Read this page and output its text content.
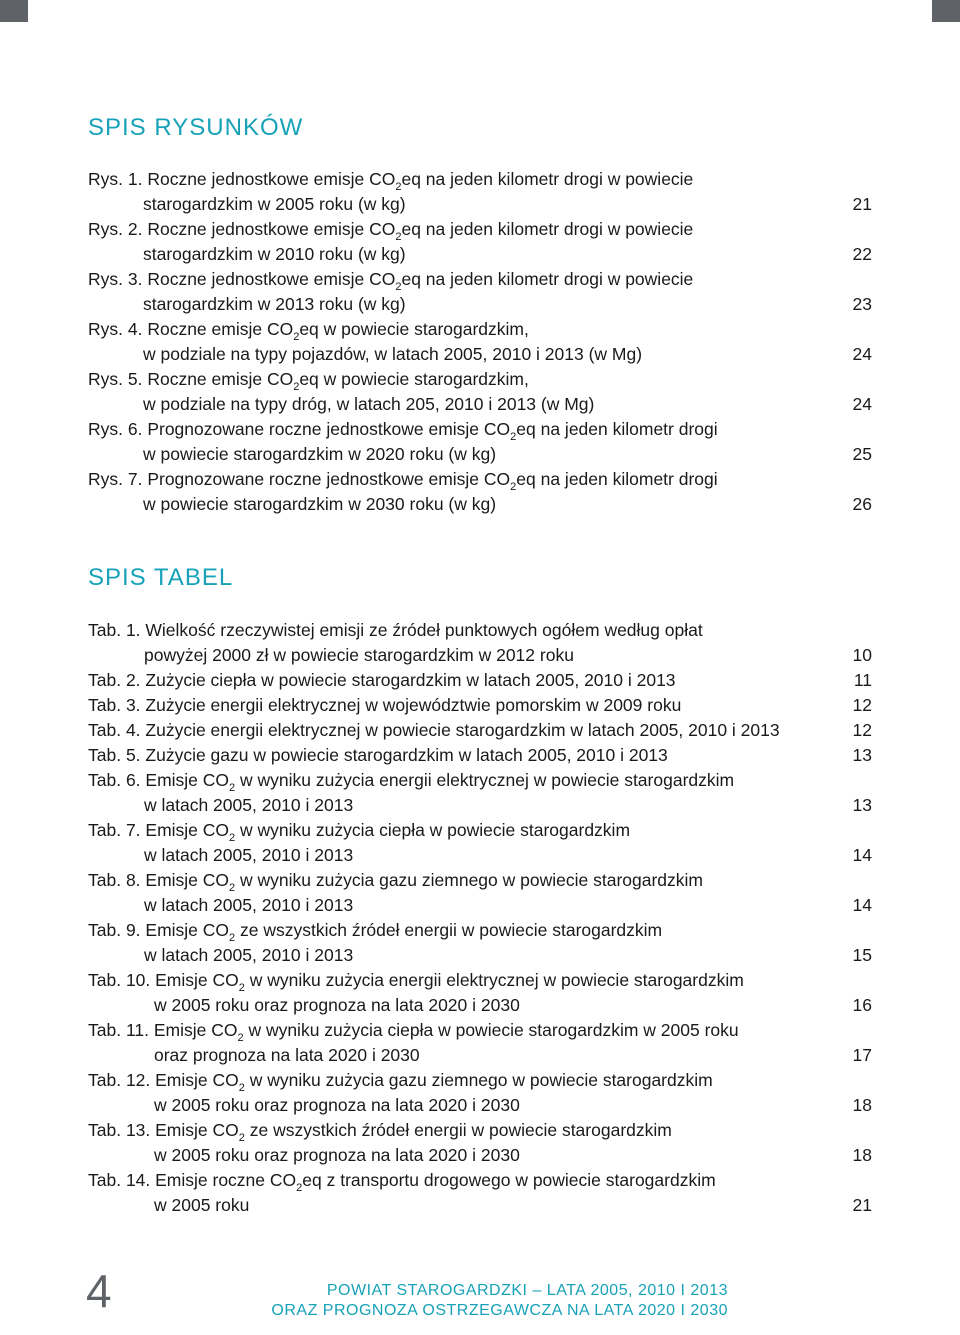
SPIS RYSUNKÓW
Rys. 1. Roczne jednostkowe emisje $CO_2eq$ na jeden kilometr drogi w powiecie
starogardzkim w 2005 roku (w kg)	21
Rys. 2. Roczne jednostkowe emisje $CO_2eq$ na jeden kilometr drogi w powiecie
starogardzkim w 2010 roku (w kg)	22
Rys. 3. Roczne jednostkowe emisje $CO_2eq$ na jeden kilometr drogi w powiecie
starogardzkim w 2013 roku (w kg)	23
Rys. 4. Roczne emisje $CO_2eq$ w powiecie starogardzkim,
w podziale na typy pojazdów, w latach 2005, 2010 i 2013 (w Mg)	24
Rys. 5. Roczne emisje $CO_2eq$ w powiecie starogardzkim,
w podziale na typy dróg, w latach 205, 2010 i 2013 (w Mg)	24
Rys. 6. Prognozowane roczne jednostkowe emisje $CO_2eq$ na jeden kilometr drogi
w powiecie starogardzkim w 2020 roku (w kg)	25
Rys. 7. Prognozowane roczne jednostkowe emisje $CO_2eq$ na jeden kilometr drogi
w powiecie starogardzkim w 2030 roku (w kg)	26
SPIS TABEL
Tab. 1. Wielkość rzeczywistej emisji ze źródeł punktowych ogółem według opłat
powyżej 2000 zł w powiecie starogardzkim w 2012 roku	10
Tab. 2. Zużycie ciepła w powiecie starogardzkim w latach 2005, 2010 i 2013	11
Tab. 3. Zużycie energii elektrycznej w województwie pomorskim w 2009 roku	12
Tab. 4. Zużycie energii elektrycznej w powiecie starogardzkim w latach 2005, 2010 i 2013	12
Tab. 5. Zużycie gazu w powiecie starogardzkim w latach 2005, 2010 i 2013	13
Tab. 6. Emisje $CO_2$ w wyniku zużycia energii elektrycznej w powiecie starogardzkim
w latach 2005, 2010 i 2013	13
Tab. 7. Emisje $CO_2$ w wyniku zużycia ciepła w powiecie starogardzkim
w latach 2005, 2010 i 2013	14
Tab. 8. Emisje $CO_2$ w wyniku zużycia gazu ziemnego w powiecie starogardzkim
w latach 2005, 2010 i 2013	14
Tab. 9. Emisje $CO_2$ ze wszystkich źródeł energii w powiecie starogardzkim
w latach 2005, 2010 i 2013	15
Tab. 10. Emisje $CO_2$ w wyniku zużycia energii elektrycznej w powiecie starogardzkim
w 2005 roku oraz prognoza na lata 2020 i 2030	16
Tab. 11. Emisje $CO_2$ w wyniku zużycia ciepła w powiecie starogardzkim w 2005 roku
oraz prognoza na lata 2020 i 2030	17
Tab. 12. Emisje $CO_2$ w wyniku zużycia gazu ziemnego w powiecie starogardzkim
w 2005 roku oraz prognoza na lata 2020 i 2030	18
Tab. 13. Emisje $CO_2$ ze wszystkich źródeł energii w powiecie starogardzkim
w 2005 roku oraz prognoza na lata 2020 i 2030	18
Tab. 14. Emisje roczne $CO_2eq$ z transportu drogowego w powiecie starogardzkim
w 2005 roku	21
4	POWIAT STAROGARDZKI – LATA 2005, 2010 I 2013
ORAZ PROGNOZA OSTRZEGAWCZA NA LATA 2020 I 2030
